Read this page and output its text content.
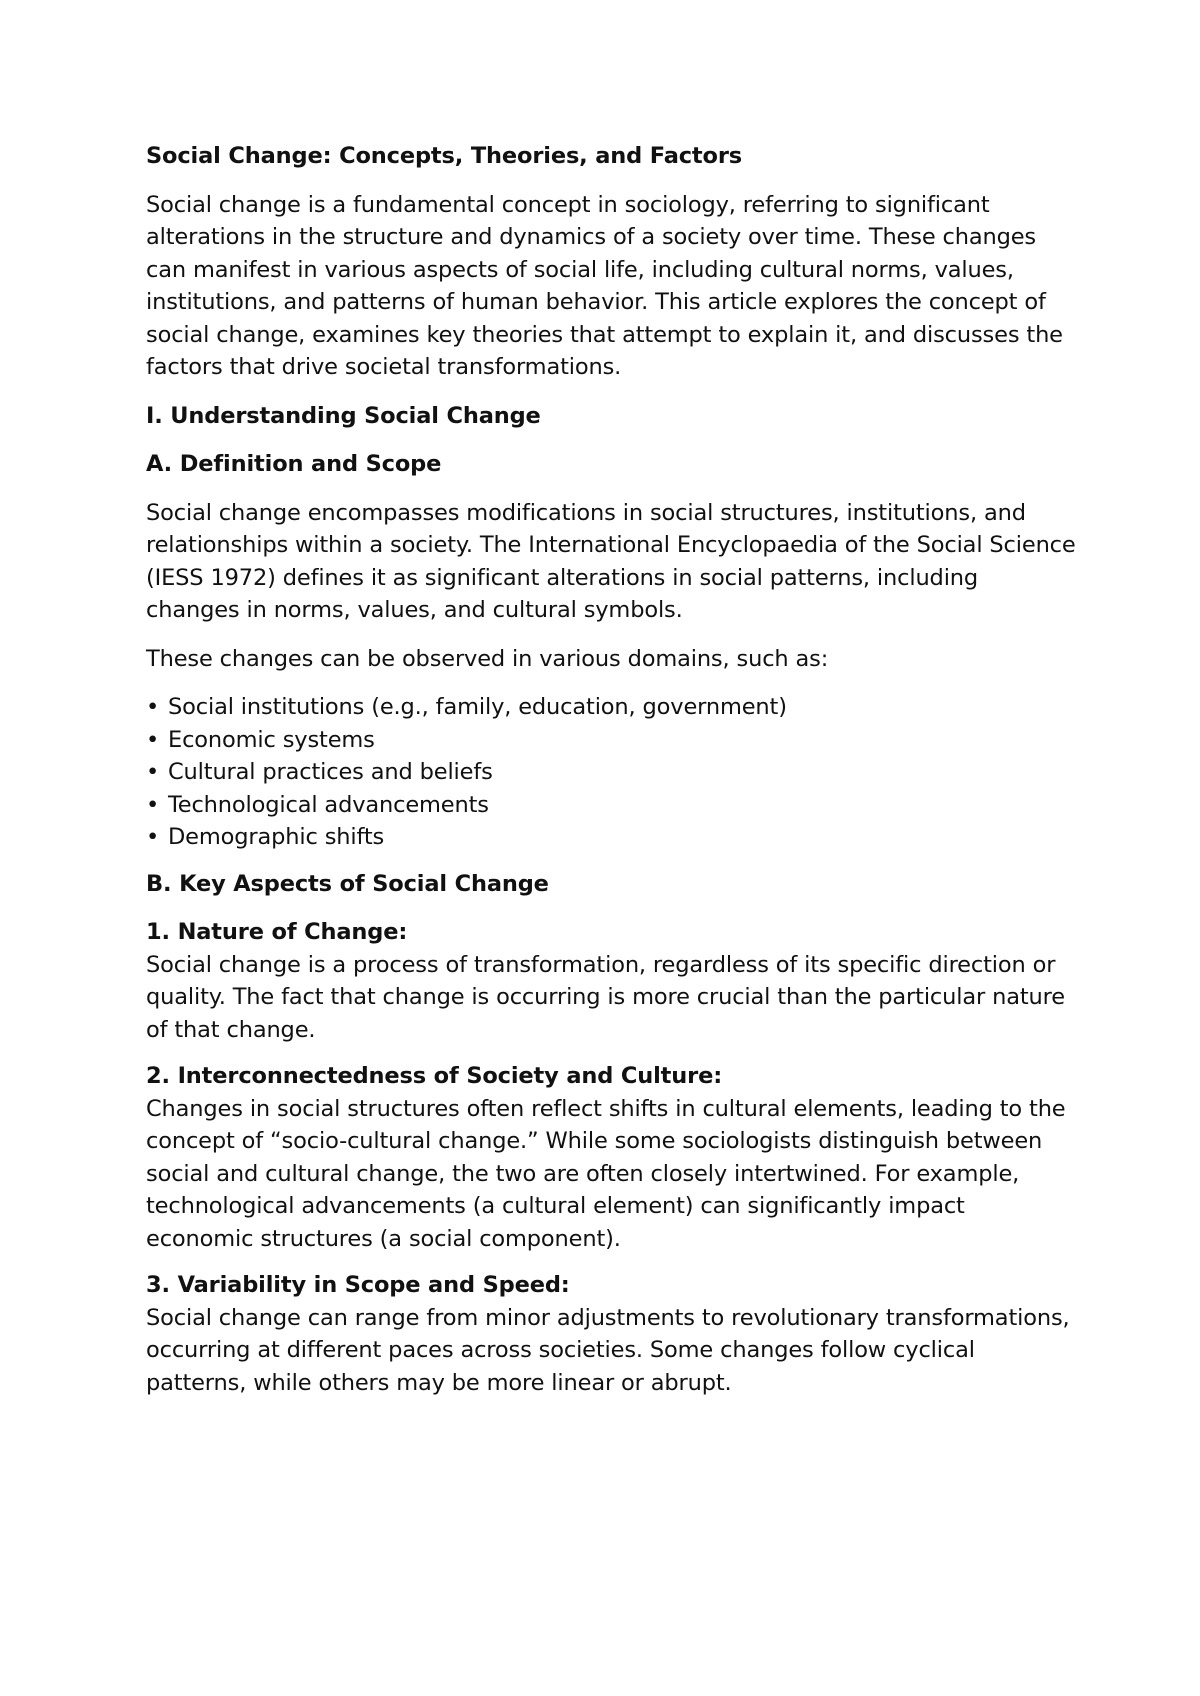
Social Change: Concepts, Theories, and Factors

Social change is a fundamental concept in sociology, referring to significant alterations in the structure and dynamics of a society over time. These changes can manifest in various aspects of social life, including cultural norms, values, institutions, and patterns of human behavior. This article explores the concept of social change, examines key theories that attempt to explain it, and discusses the factors that drive societal transformations.

I. Understanding Social Change

A. Definition and Scope

Social change encompasses modifications in social structures, institutions, and relationships within a society. The International Encyclopaedia of the Social Science (IESS 1972) defines it as significant alterations in social patterns, including changes in norms, values, and cultural symbols.

These changes can be observed in various domains, such as:

• Social institutions (e.g., family, education, government)
• Economic systems
• Cultural practices and beliefs
• Technological advancements
• Demographic shifts

B. Key Aspects of Social Change

1. Nature of Change:

Social change is a process of transformation, regardless of its specific direction or quality. The fact that change is occurring is more crucial than the particular nature of that change.

2. Interconnectedness of Society and Culture:

Changes in social structures often reflect shifts in cultural elements, leading to the concept of “socio-cultural change.” While some sociologists distinguish between social and cultural change, the two are often closely intertwined. For example, technological advancements (a cultural element) can significantly impact economic structures (a social component).

3. Variability in Scope and Speed:

Social change can range from minor adjustments to revolutionary transformations, occurring at different paces across societies. Some changes follow cyclical patterns, while others may be more linear or abrupt.
